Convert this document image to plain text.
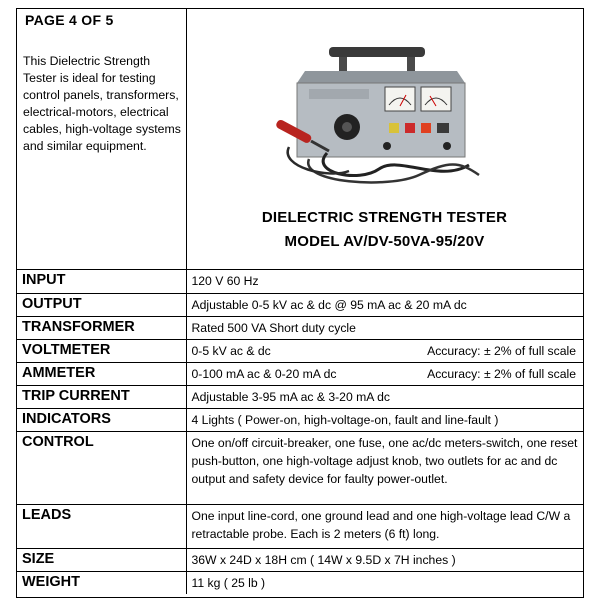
PAGE 4 OF 5
This Dielectric Strength Tester is ideal for testing control panels, transformers, electrical-motors, electrical cables, high-voltage systems and similar equipment.
DIELECTRIC STRENGTH TESTER
MODEL AV/DV-50VA-95/20V
INPUT	120 V 60 Hz
OUTPUT	Adjustable 0-5 kV ac & dc @ 95 mA ac & 20 mA dc
TRANSFORMER	Rated 500 VA Short duty cycle
VOLTMETER	0-5 kV ac & dc Accuracy: ± 2% of full scale

AMMETER	0-100 mA ac & 0-20 mA dc Accuracy: ± 2% of full scale

TRIP CURRENT	Adjustable 3-95 mA ac & 3-20 mA dc
INDICATORS	4 Lights ( Power-on, high-voltage-on, fault and line-fault )
CONTROL	One on/off circuit-breaker, one fuse, one ac/dc meters-switch, one reset push-button, one high-voltage adjust knob, two outlets for ac and dc output and safety device for faulty power-outlet.
LEADS	One input line-cord, one ground lead and one high-voltage lead C/W a retractable probe. Each is 2 meters (6 ft) long.
SIZE	36W x 24D x 18H cm ( 14W x 9.5D x 7H inches )
WEIGHT	11 kg ( 25 lb )
